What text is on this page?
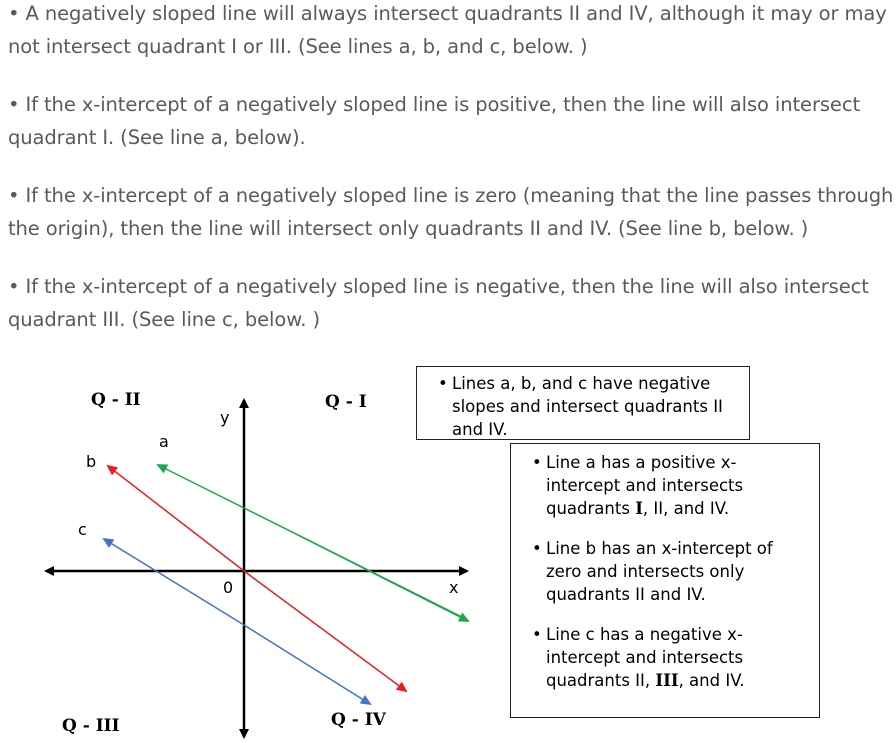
• A negatively sloped line will always intersect quadrants II and IV, although it may or may not intersect quadrant I or III. (See lines a, b, and c, below. )

• If the x-intercept of a negatively sloped line is positive, then the line will also intersect quadrant I. (See line a, below).

• If the x-intercept of a negatively sloped line is zero (meaning that the line passes through the origin), then the line will intersect only quadrants II and IV. (See line b, below. )

• If the x-intercept of a negatively sloped line is negative, then the line will also intersect quadrant III. (See line c, below. )

Q - II	Q - I
Q - III	Q - IV
y
x
0
a
b
c
• Lines a, b, and c have negative slopes and intersect quadrants II and IV.
• Line a has a positive x-intercept and intersects quadrants I, II, and IV.
• Line b has an x-intercept of zero and intersects only quadrants II and IV.
• Line c has a negative x-intercept and intersects quadrants II, III, and IV.
